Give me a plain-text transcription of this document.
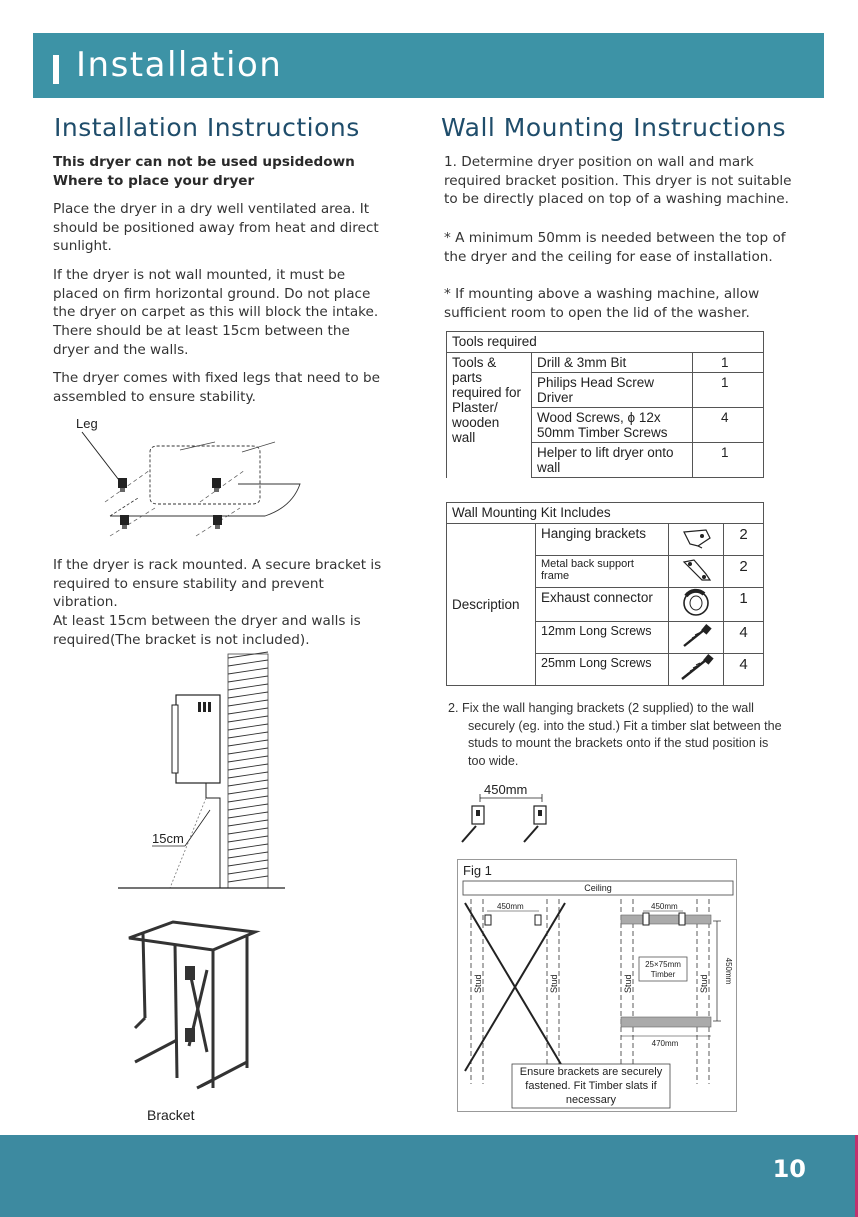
Installation
Installation Instructions
This dryer can not be used upsidedown
Where to place your dryer
Place the dryer in a dry well ventilated area. It should be positioned away from heat and direct sunlight.
If the dryer is not wall mounted, it must be placed on firm horizontal ground. Do not place the dryer on carpet as this will block the intake. There should be at least 15cm between the dryer and the walls.
The dryer comes with fixed legs that need to be assembled to ensure stability.
Leg
If the dryer is rack mounted. A secure bracket is required to ensure stability and prevent vibration.
At least 15cm between the dryer and walls is required(The bracket is not included).
15cm
Bracket
Wall Mounting Instructions
1. Determine dryer position on wall and mark required bracket position. This dryer is not suitable to be directly placed on top of a washing machine.
* A minimum 50mm is needed between the top of the dryer and the ceiling for ease of installation.
* If mounting above a washing machine, allow sufficient room to open the lid of the washer.
Tools required		
Tools & parts required for Plaster/ wooden wall	Drill & 3mm Bit	1
	Philips Head Screw Driver	1
	Wood Screws, ϕ 12x 50mm Timber Screws	4
	Helper to lift dryer onto wall	1
Wall Mounting Kit Includes			
Description	Hanging brackets		2
	Metal back support frame		2
	Exhaust connector		1
	12mm Long Screws		4
	25mm Long Screws		4
2. Fix the wall hanging brackets (2 supplied) to the wall securely (eg. into the stud.) Fit a timber slat between the studs to mount the brackets onto if the stud position is too wide.
450mm
Fig 1
Ceiling
450mm
Stud	Stud	Stud	Stud
450mm
25×75mm
Timber	450mm
470mm
Ensure brackets are securely fastened. Fit Timber slats if necessary
10
